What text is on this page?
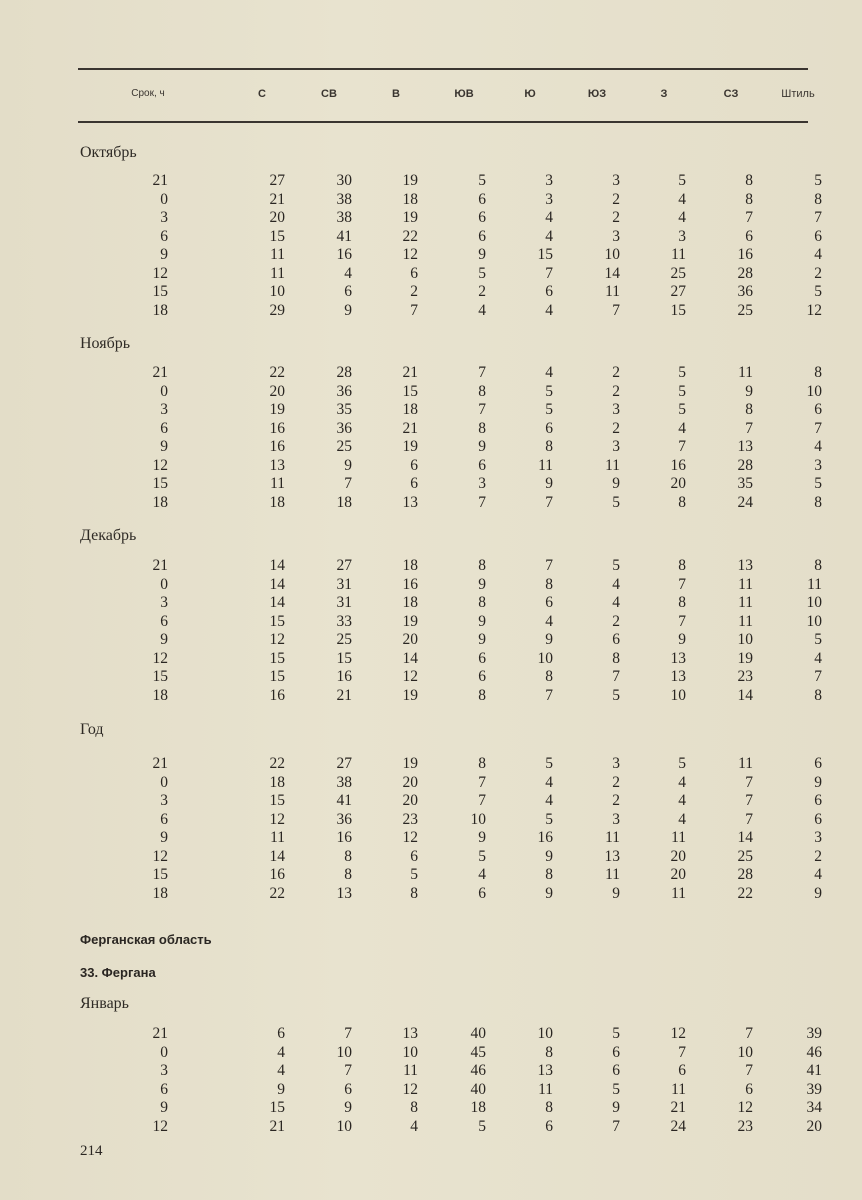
Срок, ч	С	СВ	В	ЮВ	Ю	ЮЗ	З	СЗ	Штиль
Октябрь
21	27	30	19	5	3	3	5	8	5
0	21	38	18	6	3	2	4	8	8
3	20	38	19	6	4	2	4	7	7
6	15	41	22	6	4	3	3	6	6
9	11	16	12	9	15	10	11	16	4
12	11	4	6	5	7	14	25	28	2
15	10	6	2	2	6	11	27	36	5
18	29	9	7	4	4	7	15	25	12
Ноябрь
21	22	28	21	7	4	2	5	11	8
0	20	36	15	8	5	2	5	9	10
3	19	35	18	7	5	3	5	8	6
6	16	36	21	8	6	2	4	7	7
9	16	25	19	9	8	3	7	13	4
12	13	9	6	6	11	11	16	28	3
15	11	7	6	3	9	9	20	35	5
18	18	18	13	7	7	5	8	24	8
Декабрь
21	14	27	18	8	7	5	8	13	8
0	14	31	16	9	8	4	7	11	11
3	14	31	18	8	6	4	8	11	10
6	15	33	19	9	4	2	7	11	10
9	12	25	20	9	9	6	9	10	5
12	15	15	14	6	10	8	13	19	4
15	15	16	12	6	8	7	13	23	7
18	16	21	19	8	7	5	10	14	8
Год
21	22	27	19	8	5	3	5	11	6
0	18	38	20	7	4	2	4	7	9
3	15	41	20	7	4	2	4	7	6
6	12	36	23	10	5	3	4	7	6
9	11	16	12	9	16	11	11	14	3
12	14	8	6	5	9	13	20	25	2
15	16	8	5	4	8	11	20	28	4
18	22	13	8	6	9	9	11	22	9
Ферганская область
33. Фергана
Январь
21	6	7	13	40	10	5	12	7	39
0	4	10	10	45	8	6	7	10	46
3	4	7	11	46	13	6	6	7	41
6	9	6	12	40	11	5	11	6	39
9	15	9	8	18	8	9	21	12	34
12	21	10	4	5	6	7	24	23	20
214
